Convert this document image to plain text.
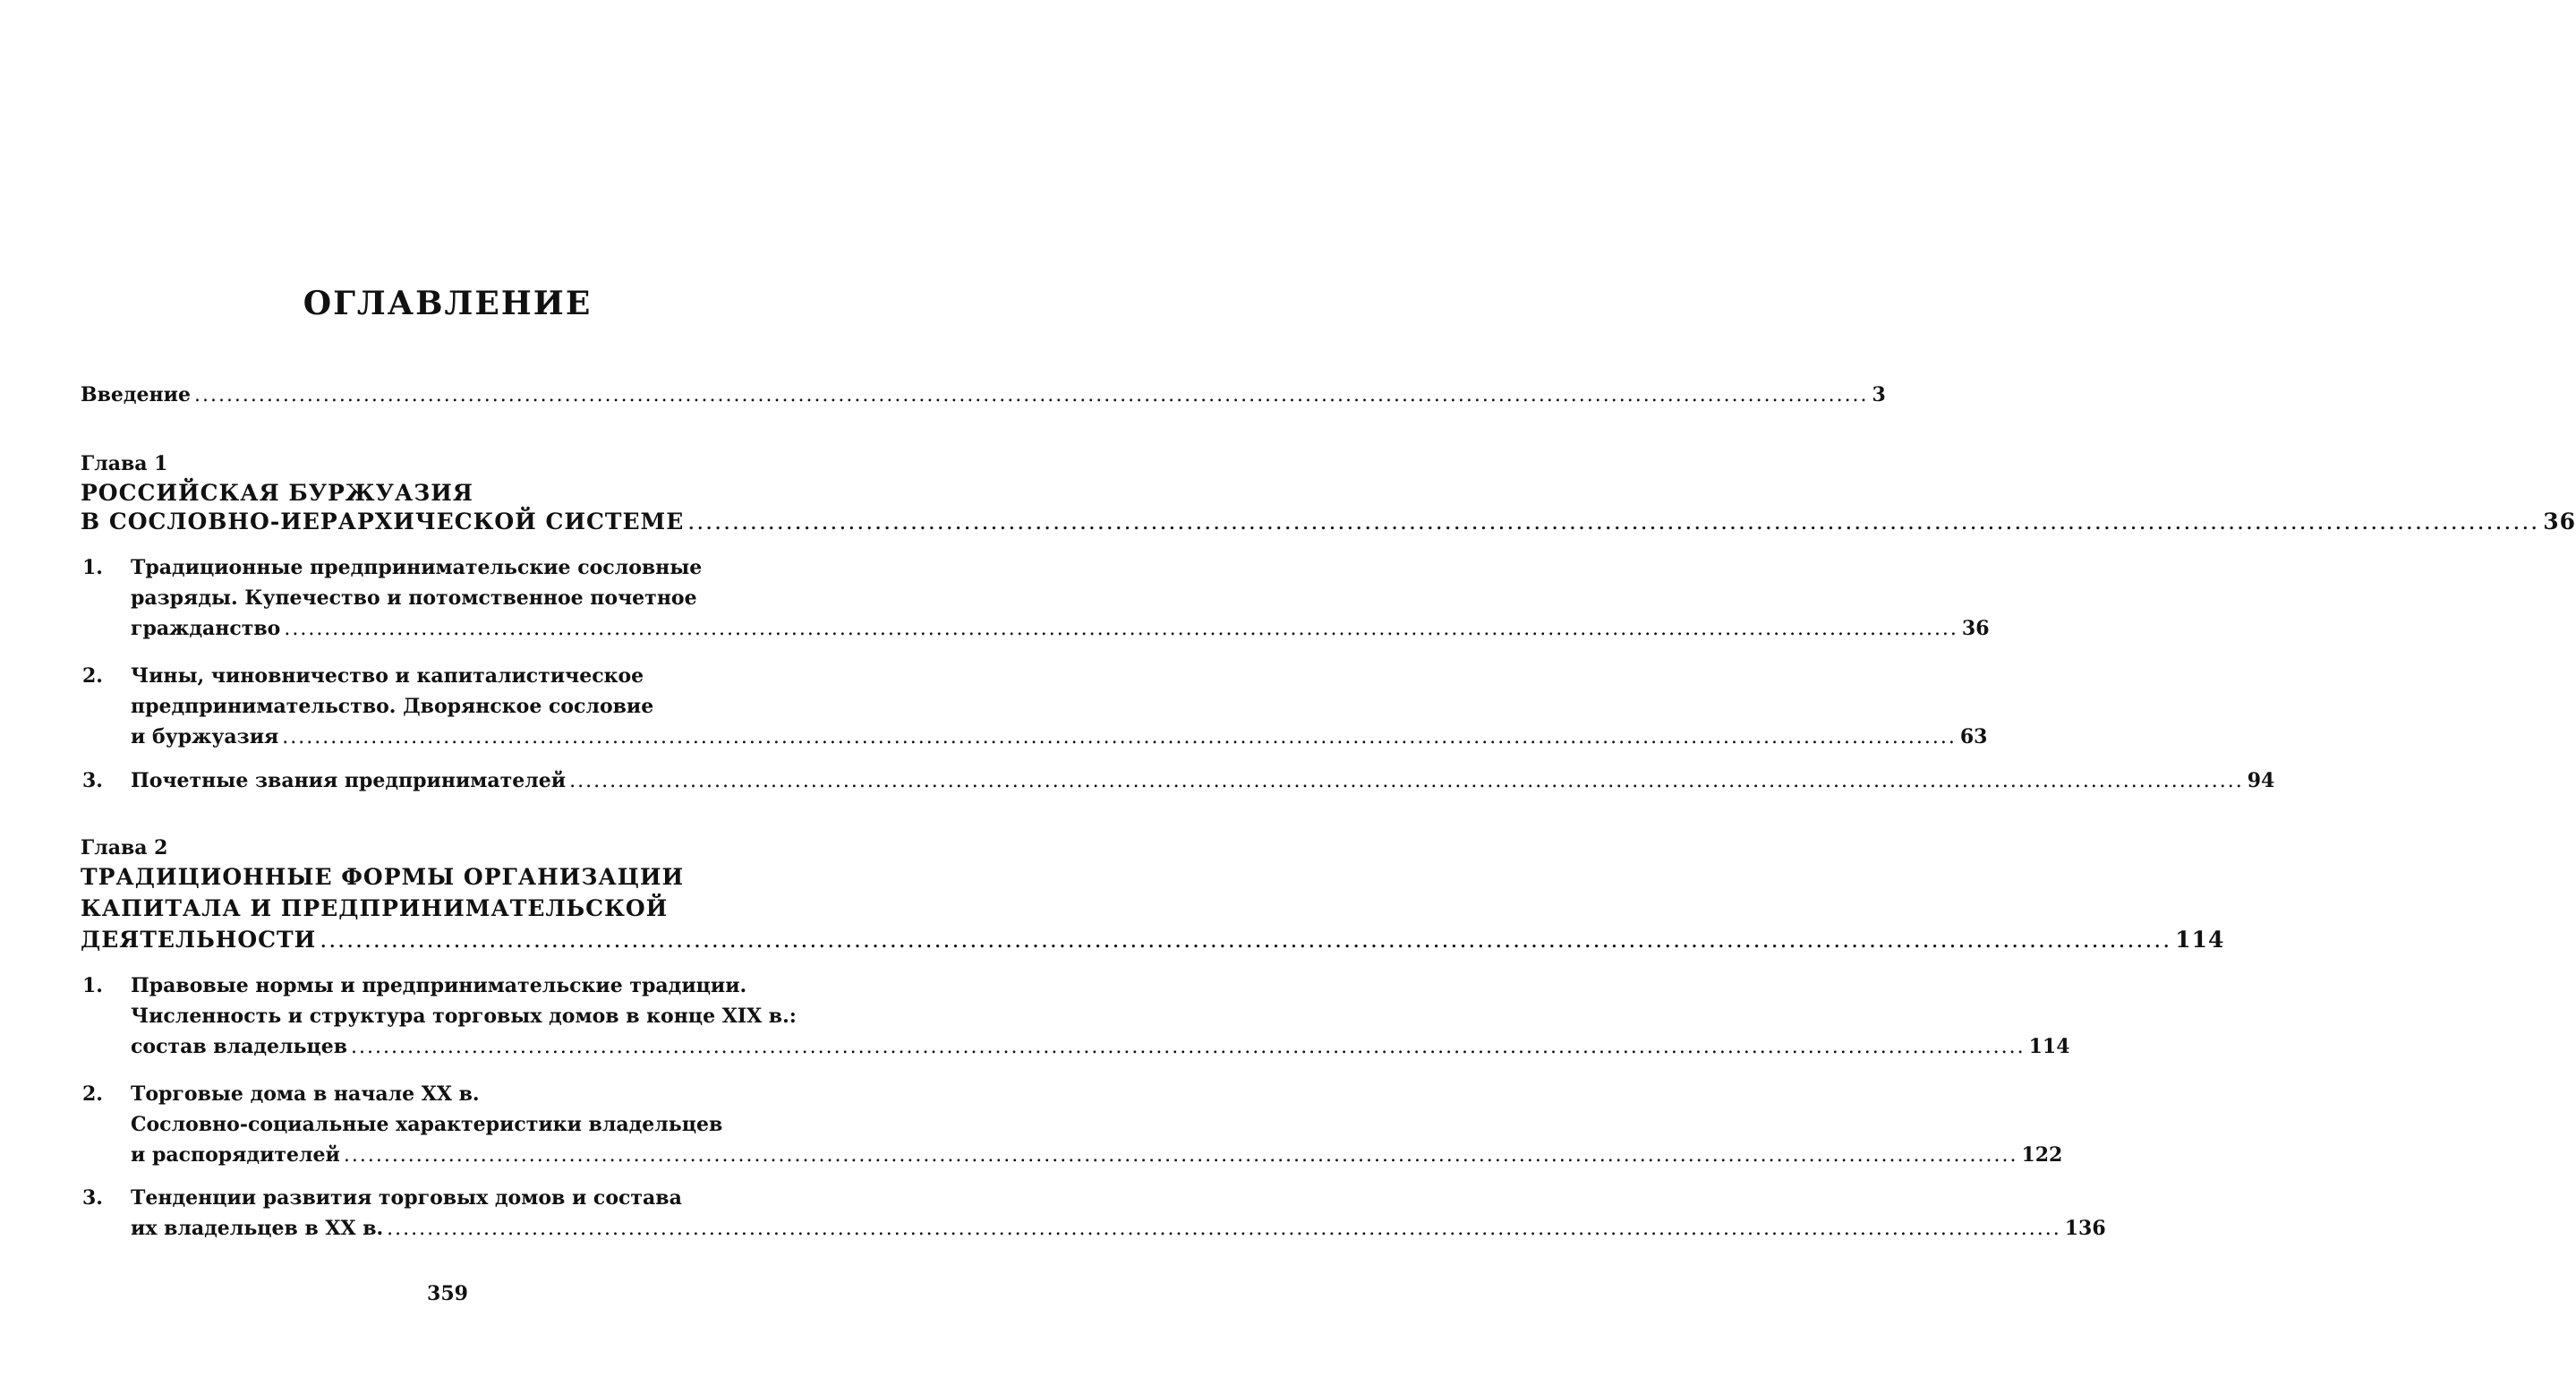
ОГЛАВЛЕНИЕ
Введение ................................................................................................................................................................................................................ 3
Глава 1
РОССИЙСКАЯ БУРЖУАЗИЯ
В СОСЛОВНО-ИЕРАРХИЧЕСКОЙ СИСТЕМЕ ................................................................................................................................................................................................................ 36
1. Традиционные предпринимательские сословные
разряды. Купечество и потомственное почетное
гражданство ................................................................................................................................................................................................................ 36
2. Чины, чиновничество и капиталистическое
предпринимательство. Дворянское сословие
и буржуазия ................................................................................................................................................................................................................ 63
3. Почетные звания предпринимателей ................................................................................................................................................................................................................ 94
Глава 2
ТРАДИЦИОННЫЕ ФОРМЫ ОРГАНИЗАЦИИ
КАПИТАЛА И ПРЕДПРИНИМАТЕЛЬСКОЙ
ДЕЯТЕЛЬНОСТИ ................................................................................................................................................................................................................ 114
1. Правовые нормы и предпринимательские традиции.
Численность и структура торговых домов в конце XIX в.:
состав владельцев ................................................................................................................................................................................................................ 114
2. Торговые дома в начале XX в.
Сословно-социальные характеристики владельцев
и распорядителей ................................................................................................................................................................................................................ 122
3. Тенденции развития торговых домов и состава
их владельцев в XX в. ................................................................................................................................................................................................................ 136
359
